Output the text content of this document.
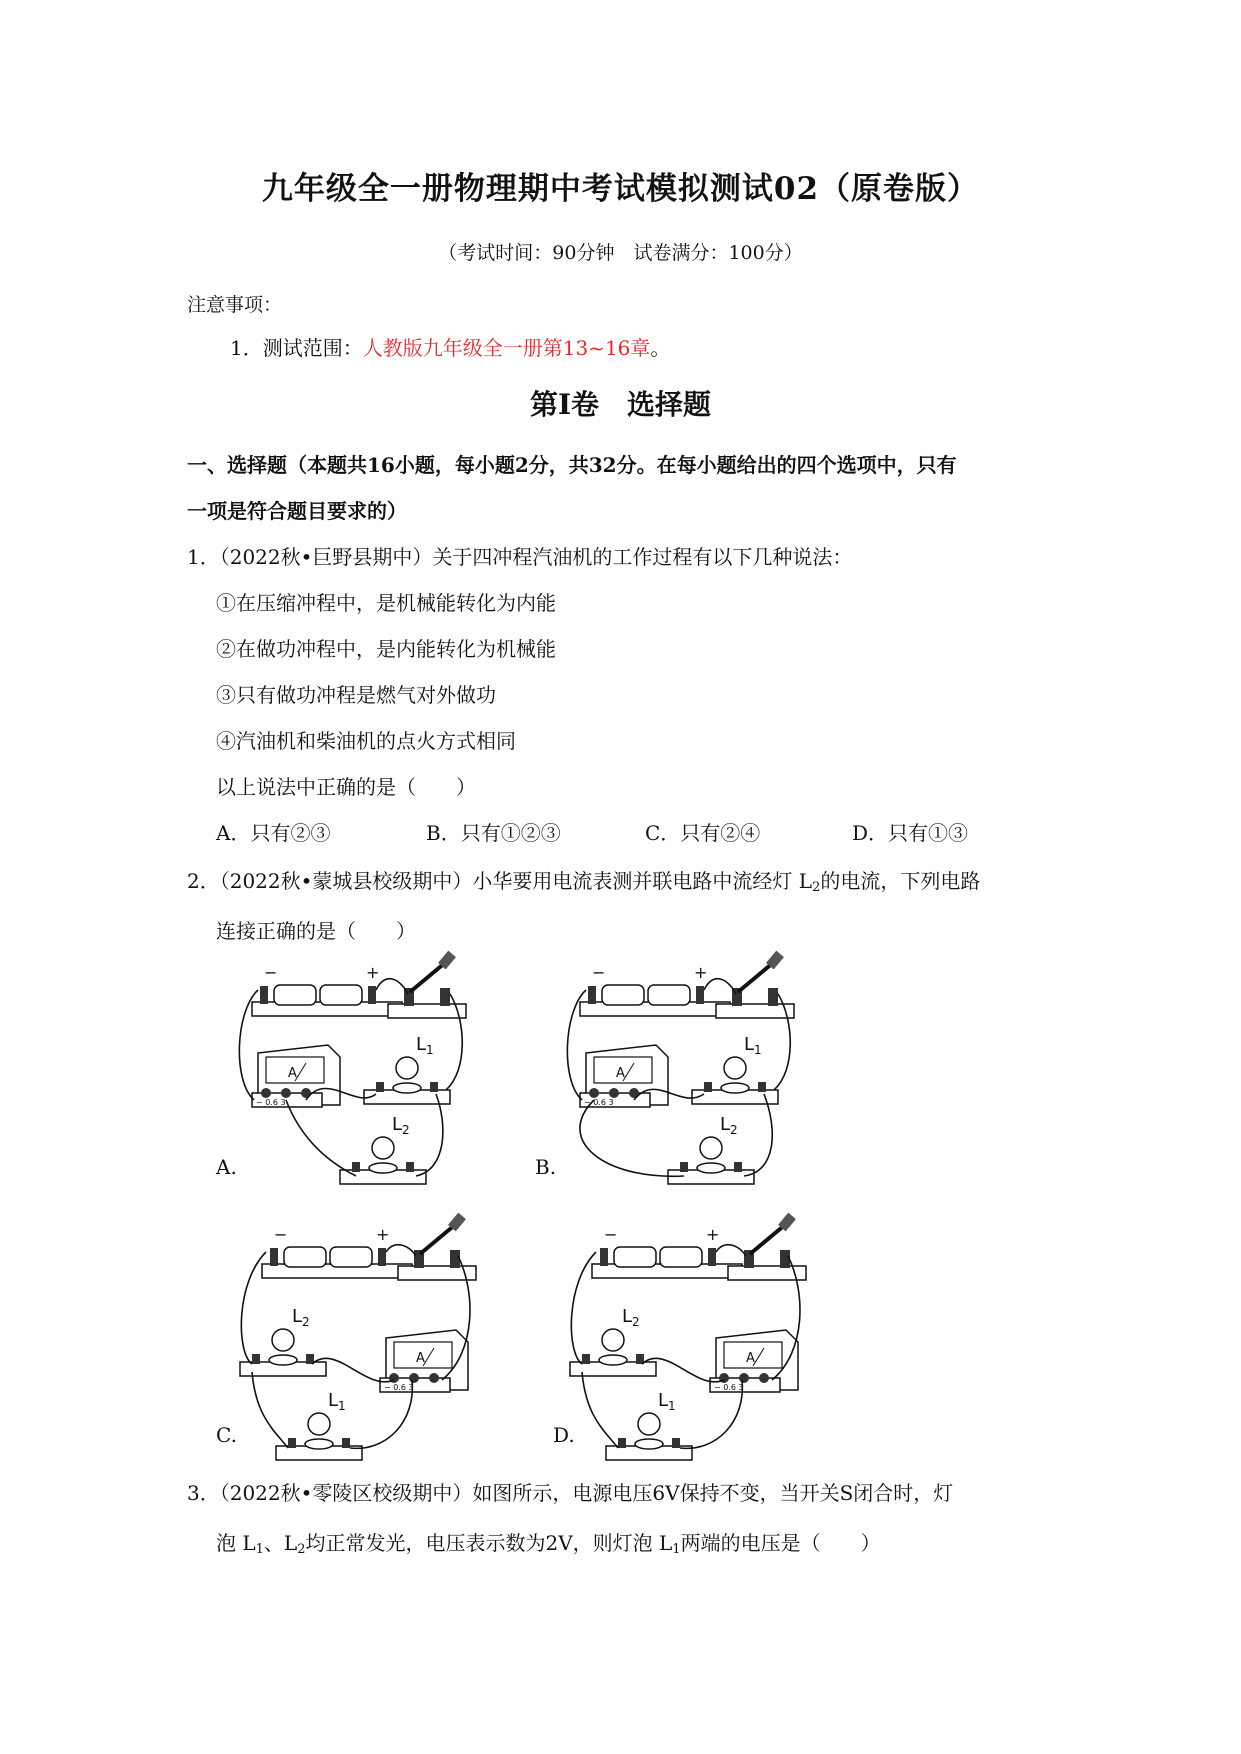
九年级全一册物理期中考试模拟测试02（原卷版）
（考试时间：90分钟　试卷满分：100分）
注意事项：
1．测试范围：人教版九年级全一册第13~16章。
第Ⅰ卷　选择题
一、选择题（本题共16小题，每小题2分，共32分。在每小题给出的四个选项中，只有
一项是符合题目要求的）
1．（2022秋•巨野县期中）关于四冲程汽油机的工作过程有以下几种说法：
①在压缩冲程中，是机械能转化为内能
②在做功冲程中，是内能转化为机械能
③只有做功冲程是燃气对外做功
④汽油机和柴油机的点火方式相同
以上说法中正确的是（　　）
A．只有②③	B．只有①②③	C．只有②④	D．只有①③
2．（2022秋•蒙城县校级期中）小华要用电流表测并联电路中流经灯 $L_2$的电流，下列电路
连接正确的是（　　）
−	+
A
− 0.6 3
$L_1$
$L_2$
−	+
A
− 0.6 3
$L_1$
$L_2$
−	+
$L_2$
A
− 0.6 3
$L_1$
−	+
$L_2$
A
− 0.6 3
$L_1$
A.	B.
C.	D.
3．（2022秋•零陵区校级期中）如图所示，电源电压6V保持不变，当开关S闭合时，灯
泡 $L_1$、$L_2$均正常发光，电压表示数为2V，则灯泡 $L_1$两端的电压是（　　）
